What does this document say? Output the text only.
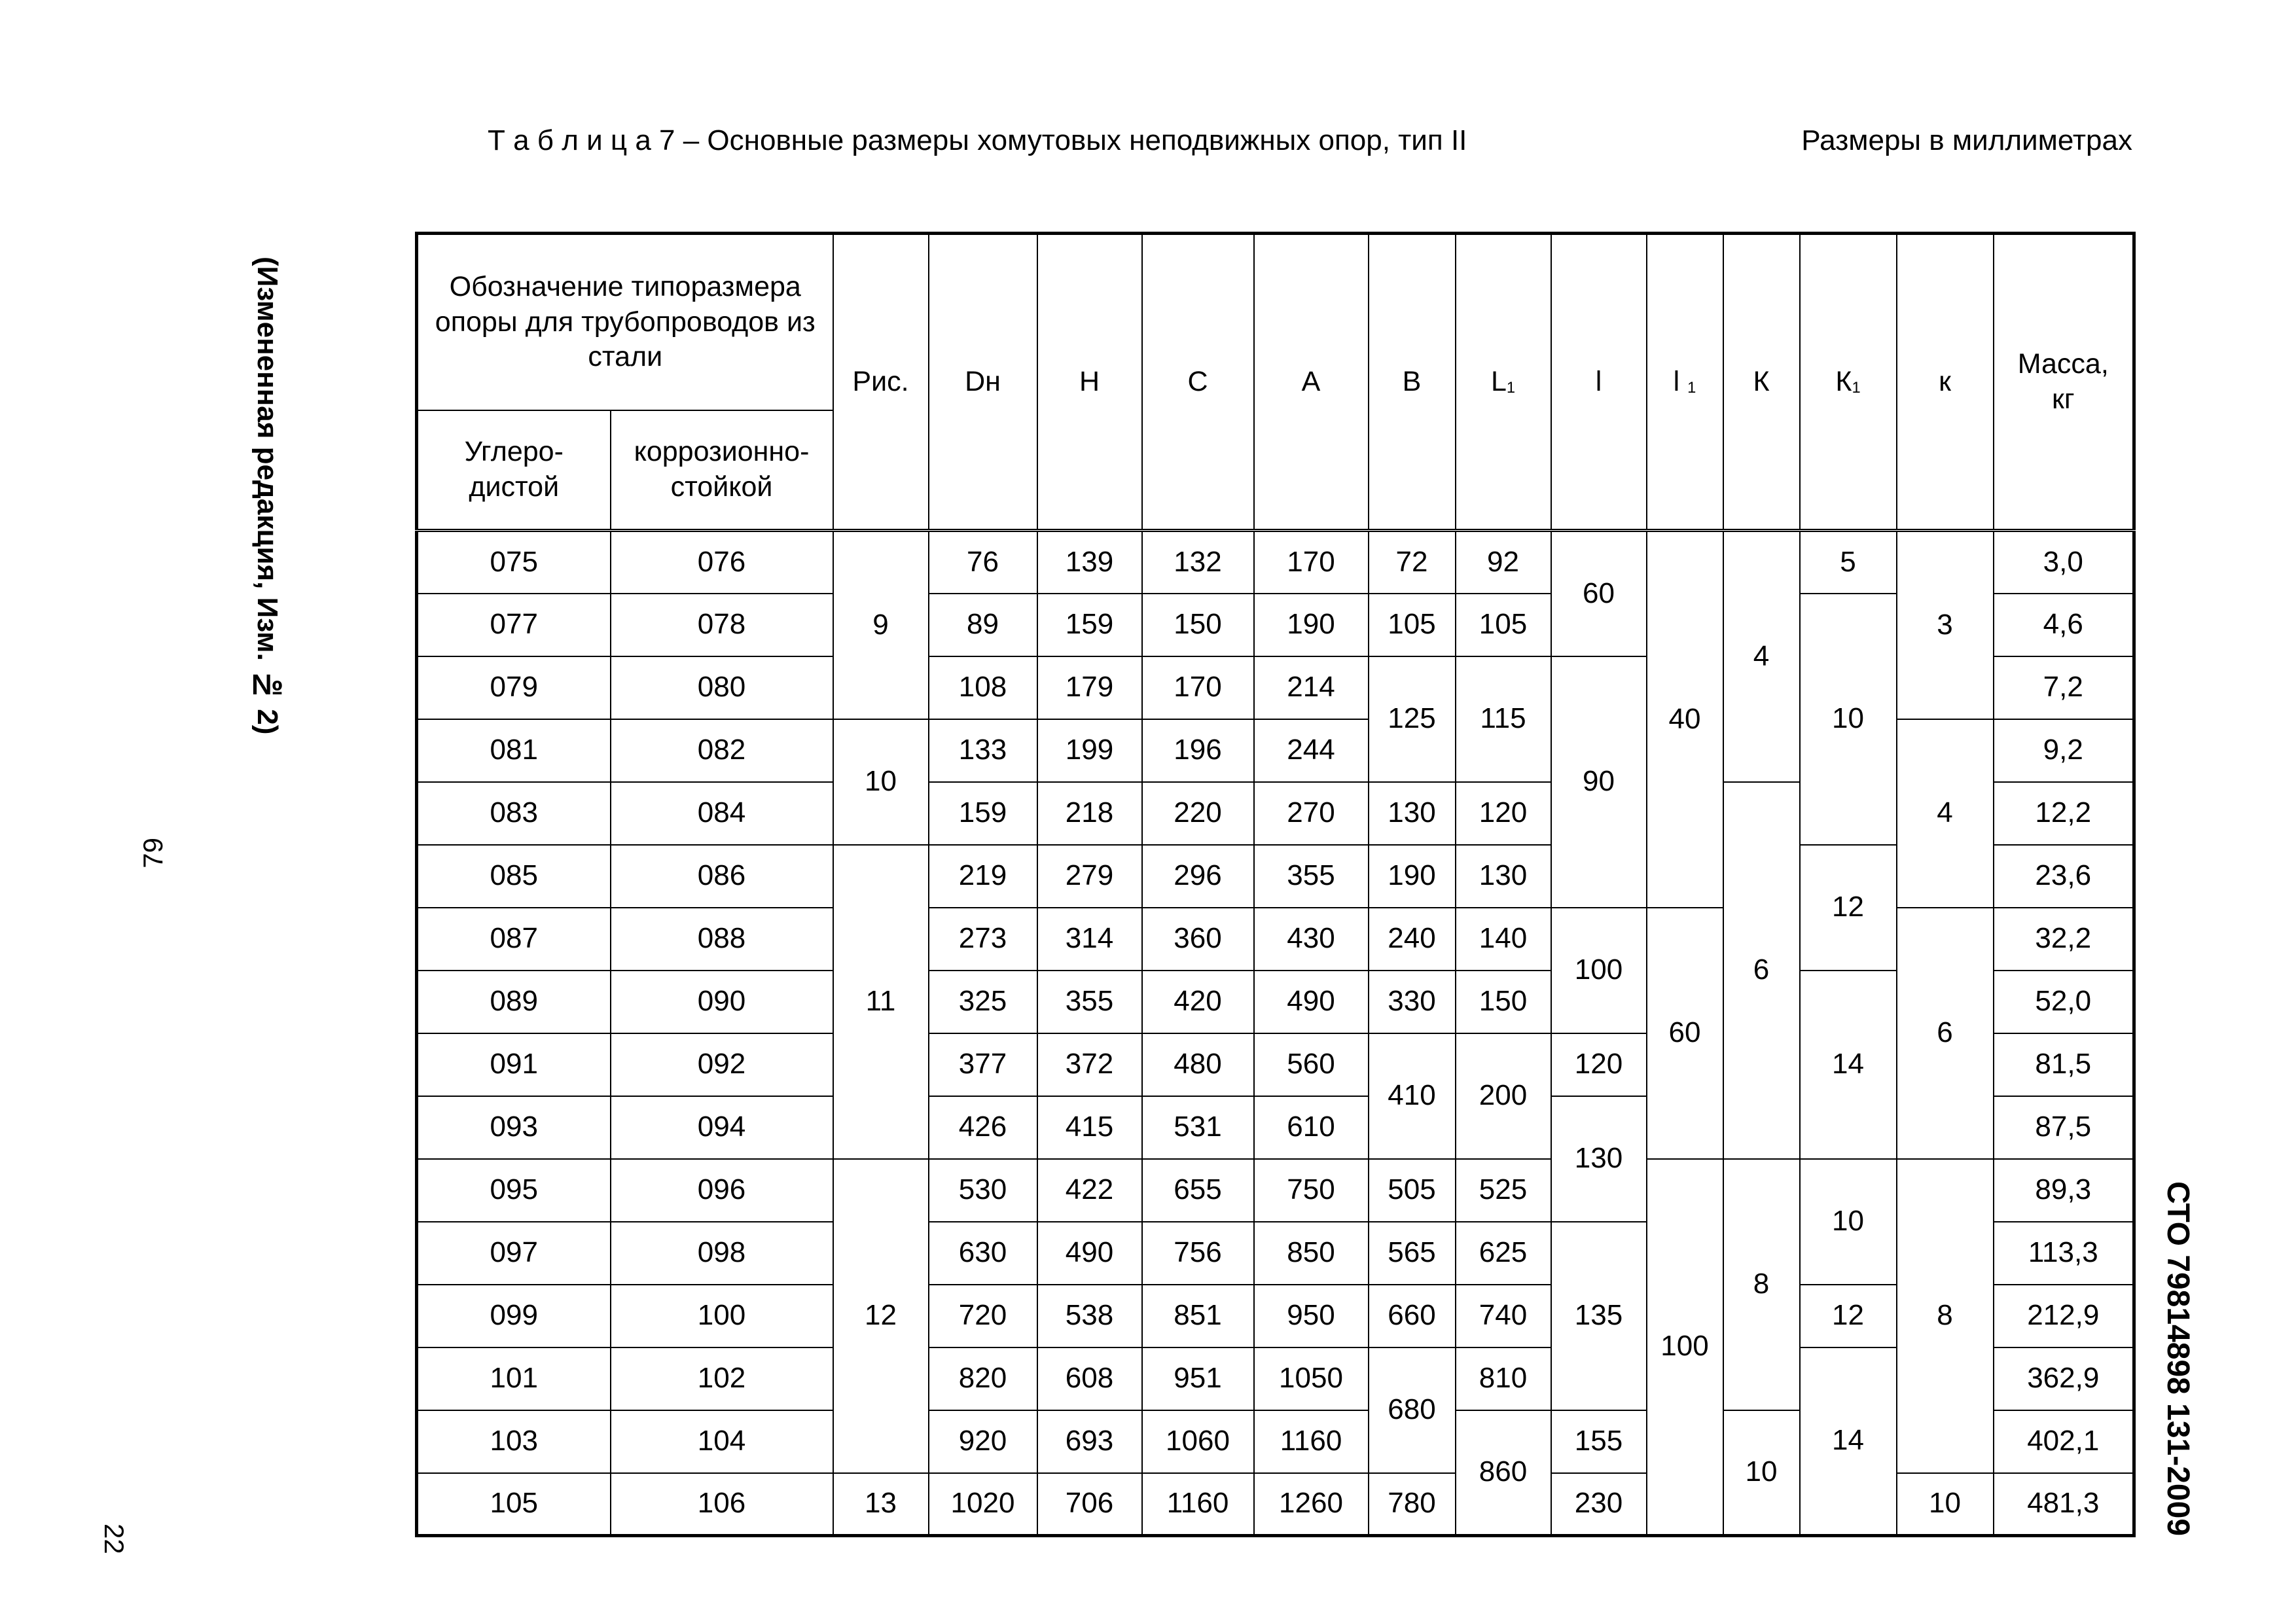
Т а б л и ц а 7 – Основные размеры хомутовых неподвижных опор, тип II	Размеры в миллиметрах
(Измененная редакция, Изм. № 2)
СТО 79814898 131-2009
79
22
Обозначение типоразмера опоры для трубопроводов из стали		Рис.	Dн	Н	С	А	В	$L_1$	l	l $_1$	К	$К_1$	к	Масса, кг
Углеро-дистой	коррозионно-стойкой													
075	076	9	76	139	132	170	72	92	60	40	4	5	3	3,0
077	078		89	159	150	190	105	105				10		4,6
079	080		108	179	170	214	125	115	90					7,2
081	082	10	133	199	196	244							4	9,2
083	084		159	218	220	270	130	120			6			12,2
085	086	11	219	279	296	355	190	130				12		23,6
087	088		273	314	360	430	240	140	100	60			6	32,2
089	090		325	355	420	490	330	150				14		52,0
091	092		377	372	480	560	410	200	120					81,5
093	094		426	415	531	610			130					87,5
095	096	12	530	422	655	750	505	525		100	8	10	8	89,3
097	098		630	490	756	850	565	625	135					113,3
099	100		720	538	851	950	660	740				12		212,9
101	102		820	608	951	1050	680	810				14		362,9
103	104		920	693	1060	1160		860	155		10			402,1
105	106	13	1020	706	1160	1260	780		230				10	481,3
